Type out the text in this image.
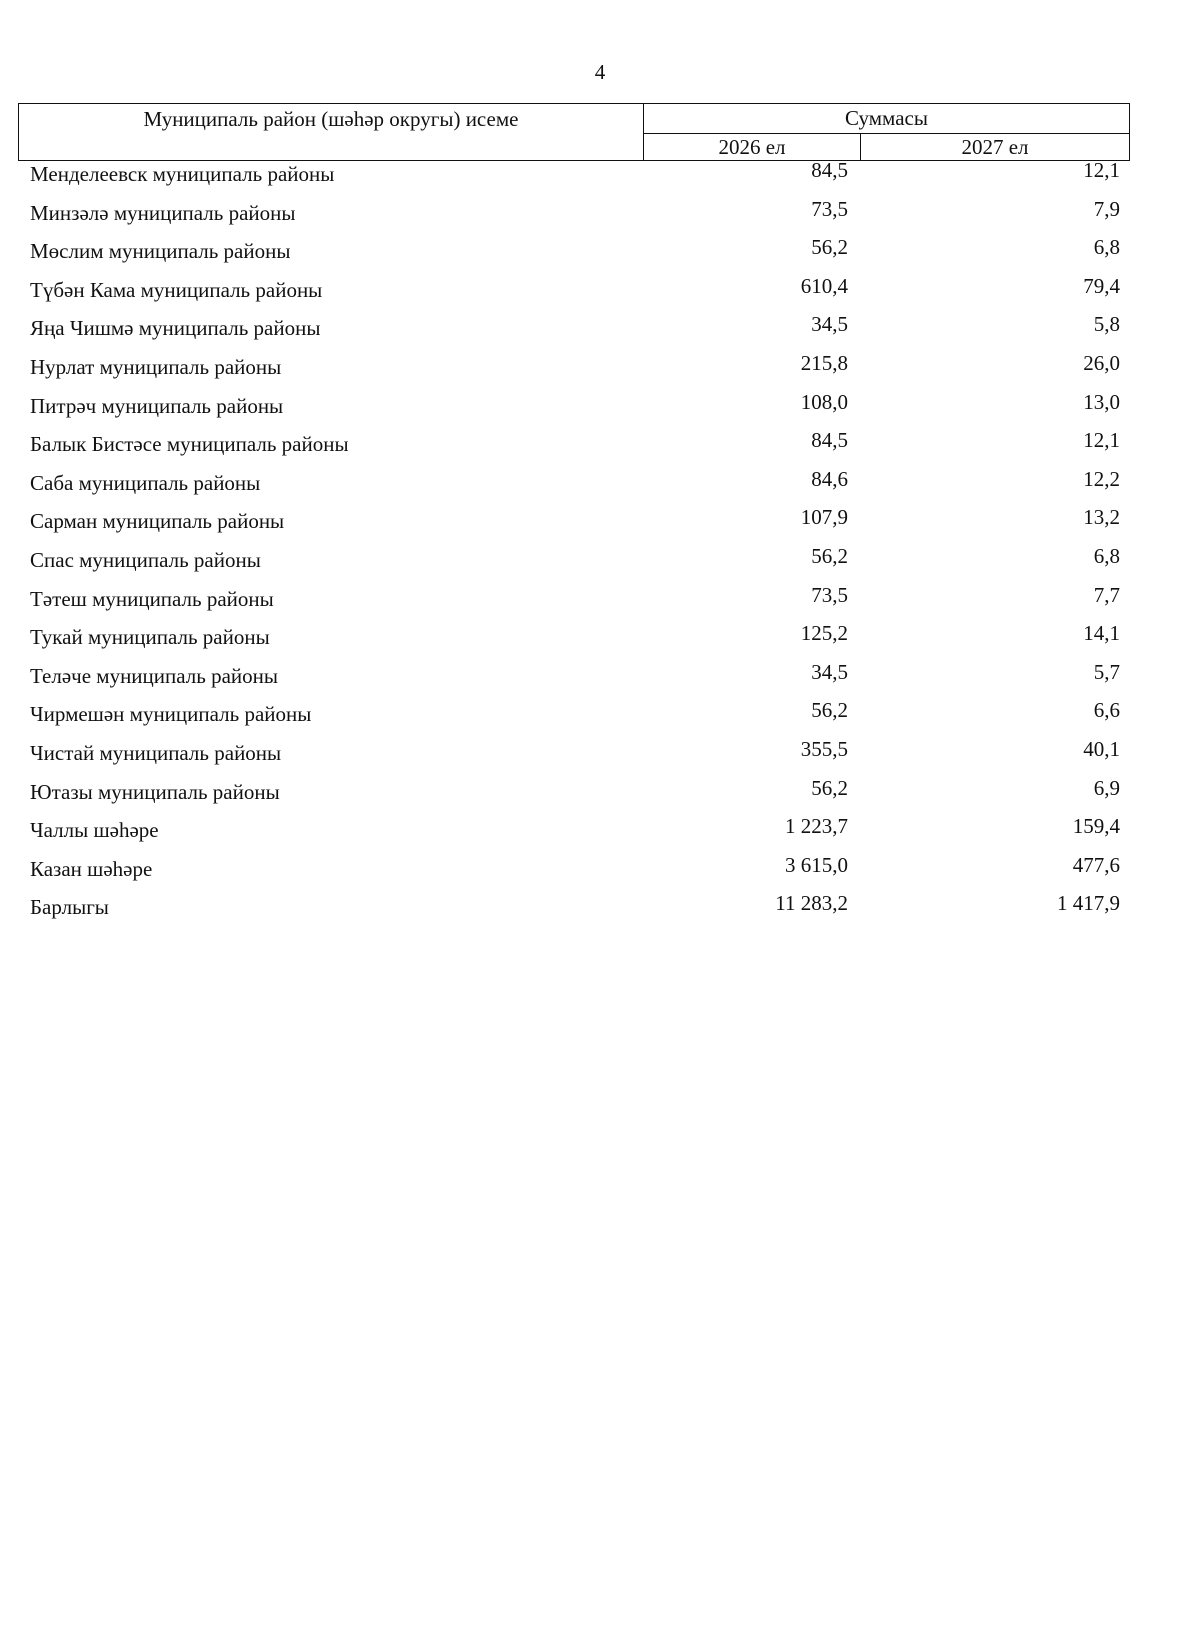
4
Муниципаль район (шәһәр округы) исеме	Суммасы
2026 ел	2027 ел
Менделеевск муниципаль районы	84,5	12,1
Минзәлә муниципаль районы	73,5	7,9
Мөслим муниципаль районы	56,2	6,8
Түбән Кама муниципаль районы	610,4	79,4
Яңа Чишмә муниципаль районы	34,5	5,8
Нурлат муниципаль районы	215,8	26,0
Питрәч муниципаль районы	108,0	13,0
Балык Бистәсе муниципаль районы	84,5	12,1
Саба муниципаль районы	84,6	12,2
Сарман муниципаль районы	107,9	13,2
Спас муниципаль районы	56,2	6,8
Тәтеш муниципаль районы	73,5	7,7
Тукай муниципаль районы	125,2	14,1
Теләче муниципаль районы	34,5	5,7
Чирмешән муниципаль районы	56,2	6,6
Чистай муниципаль районы	355,5	40,1
Ютазы муниципаль районы	56,2	6,9
Чаллы шәһәре	1 223,7	159,4
Казан шәһәре	3 615,0	477,6
Барлыгы	11 283,2	1 417,9
